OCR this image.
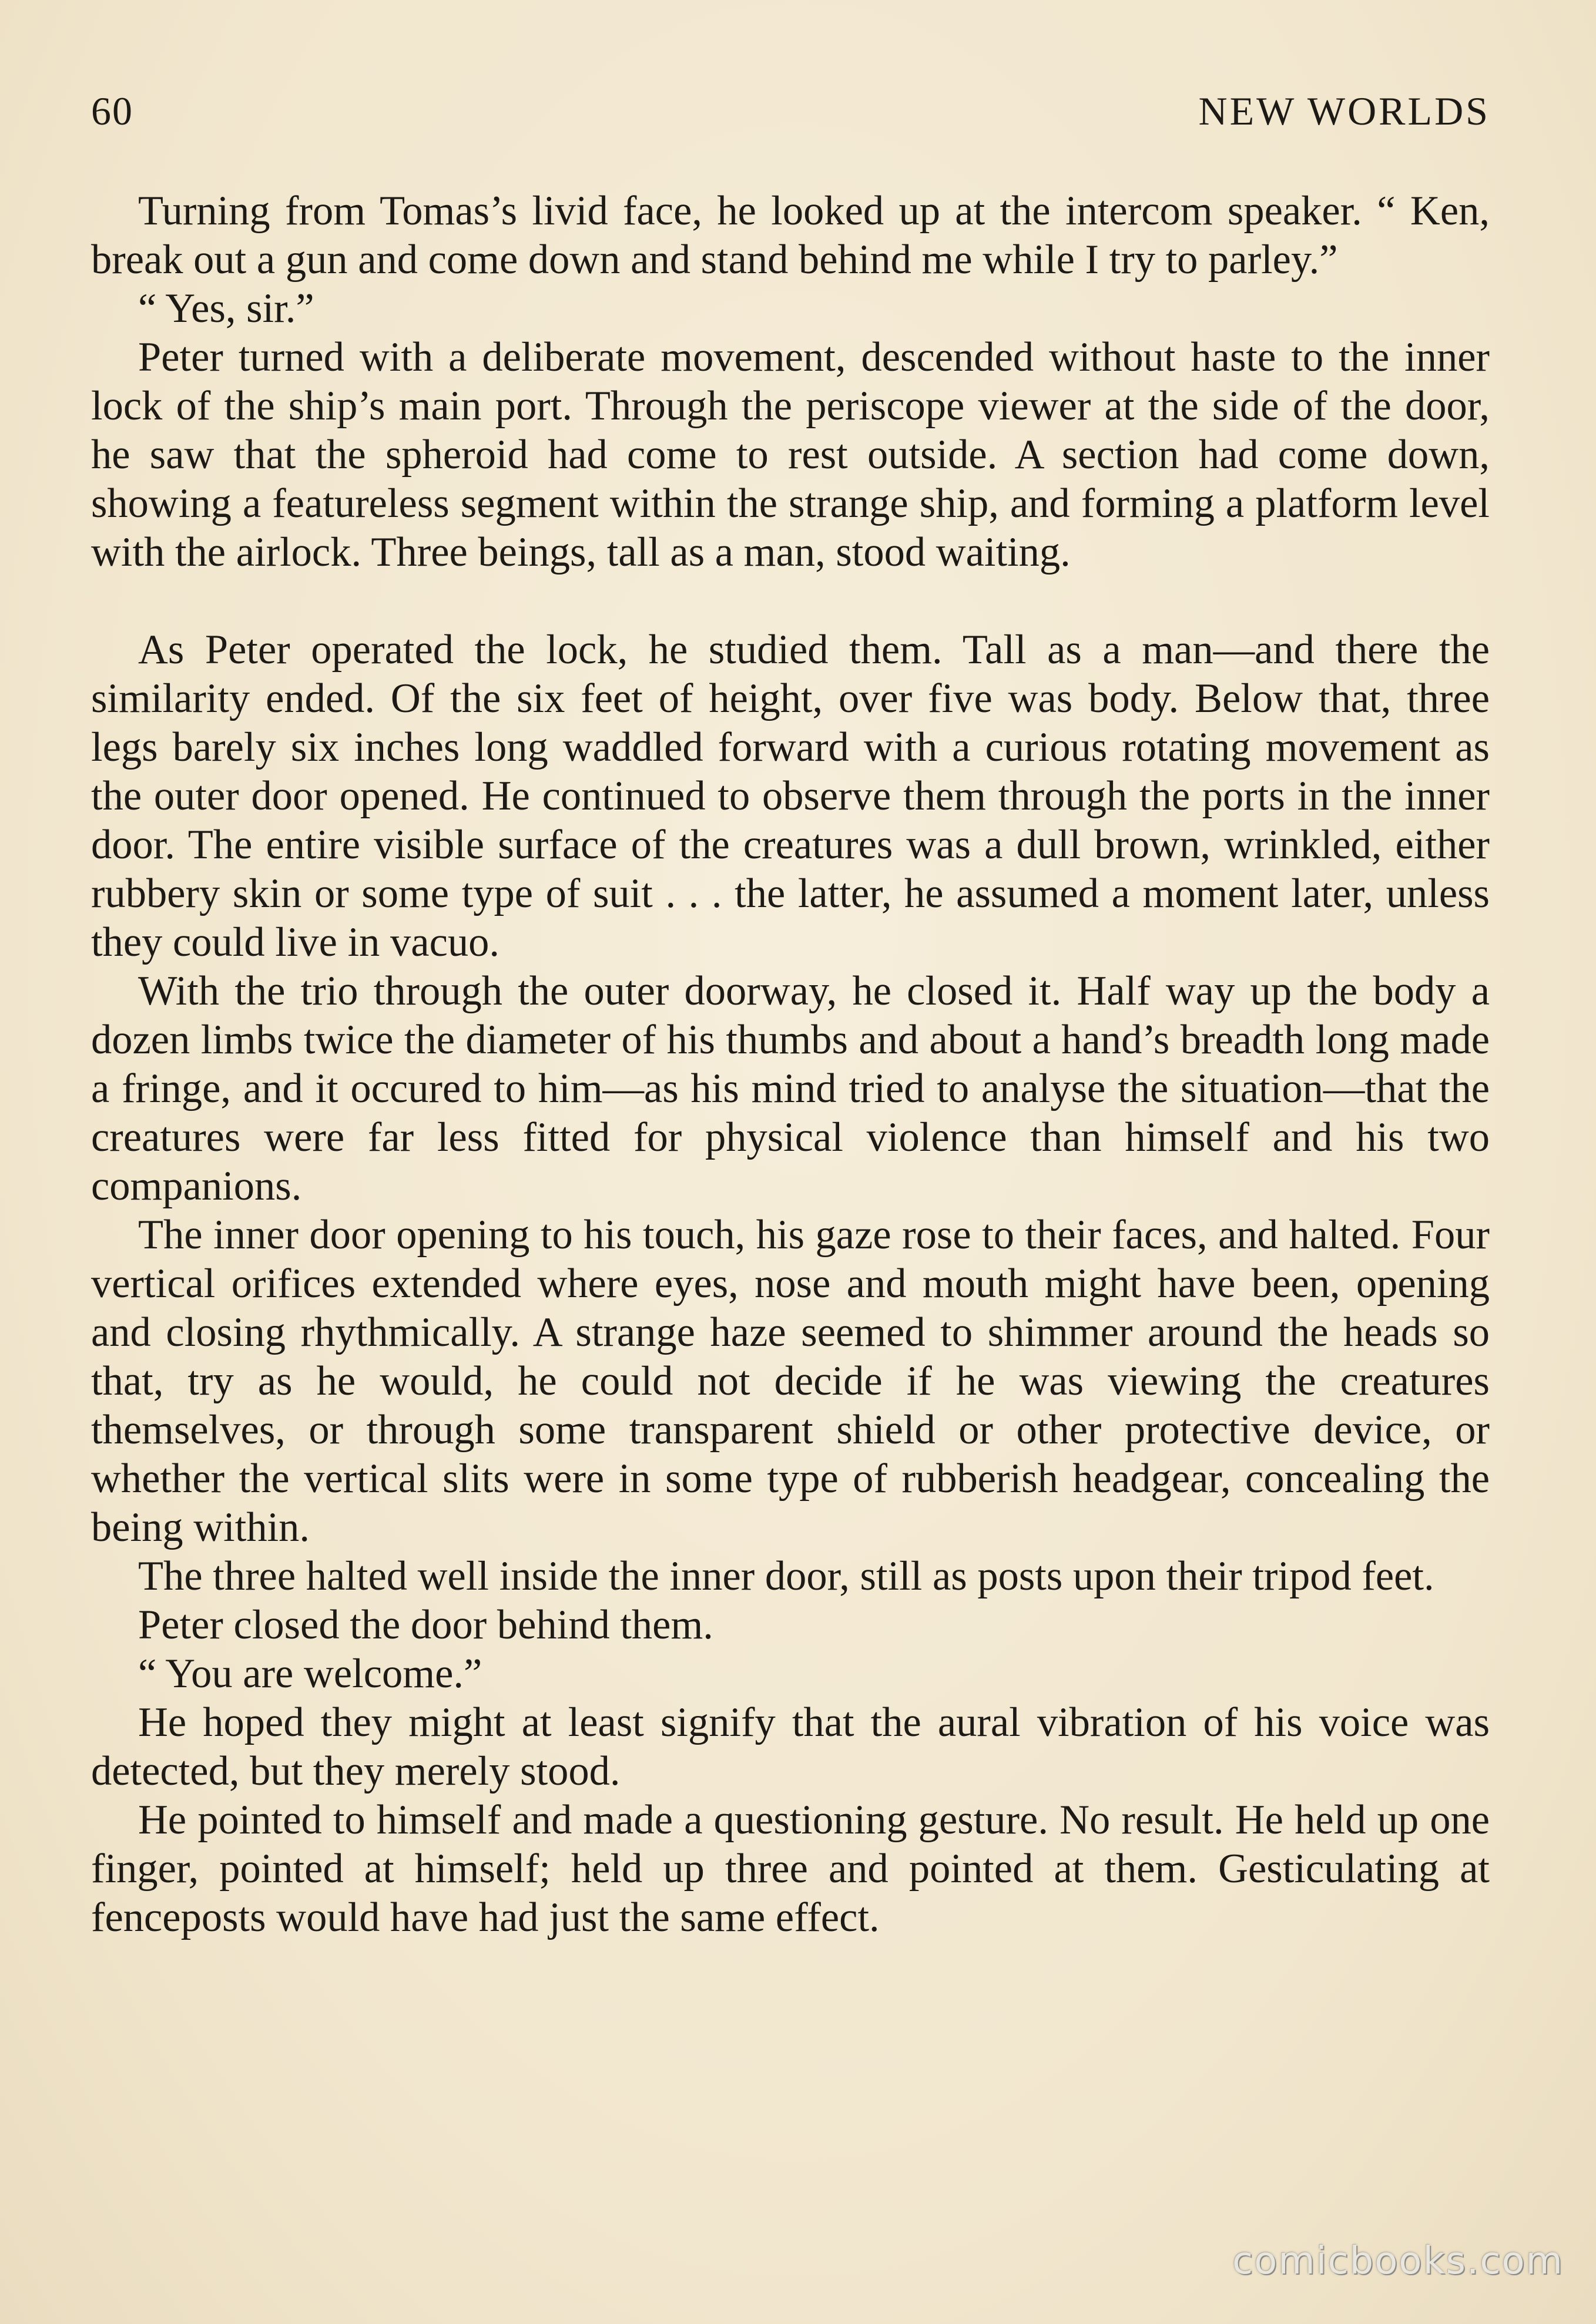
60	NEW WORLDS

Turning from Tomas’s livid face, he looked up at the intercom speaker. “ Ken, break out a gun and come down and stand behind me while I try to parley.”

“ Yes, sir.”

Peter turned with a deliberate movement, descended without haste to the inner lock of the ship’s main port. Through the periscope viewer at the side of the door, he saw that the spheroid had come to rest outside. A section had come down, showing a featureless segment within the strange ship, and forming a platform level with the airlock. Three beings, tall as a man, stood waiting.

As Peter operated the lock, he studied them. Tall as a man—and there the similarity ended. Of the six feet of height, over five was body. Below that, three legs barely six inches long waddled forward with a curious rotating movement as the outer door opened. He continued to observe them through the ports in the inner door. The entire visible surface of the creatures was a dull brown, wrinkled, either rubbery skin or some type of suit . . . the latter, he assumed a moment later, unless they could live in vacuo.

With the trio through the outer doorway, he closed it. Half way up the body a dozen limbs twice the diameter of his thumbs and about a hand’s breadth long made a fringe, and it occured to him—as his mind tried to analyse the situation—that the creatures were far less fitted for physical violence than himself and his two companions.

The inner door opening to his touch, his gaze rose to their faces, and halted. Four vertical orifices extended where eyes, nose and mouth might have been, opening and closing rhythmically. A strange haze seemed to shimmer around the heads so that, try as he would, he could not decide if he was viewing the creatures themselves, or through some transparent shield or other protective device, or whether the vertical slits were in some type of rubberish headgear, concealing the being within.

The three halted well inside the inner door, still as posts upon their tripod feet.

Peter closed the door behind them.

“ You are welcome.”

He hoped they might at least signify that the aural vibration of his voice was detected, but they merely stood.

He pointed to himself and made a questioning gesture. No result. He held up one finger, pointed at himself; held up three and pointed at them. Gesticulating at fenceposts would have had just the same effect.

comicbooks.com
